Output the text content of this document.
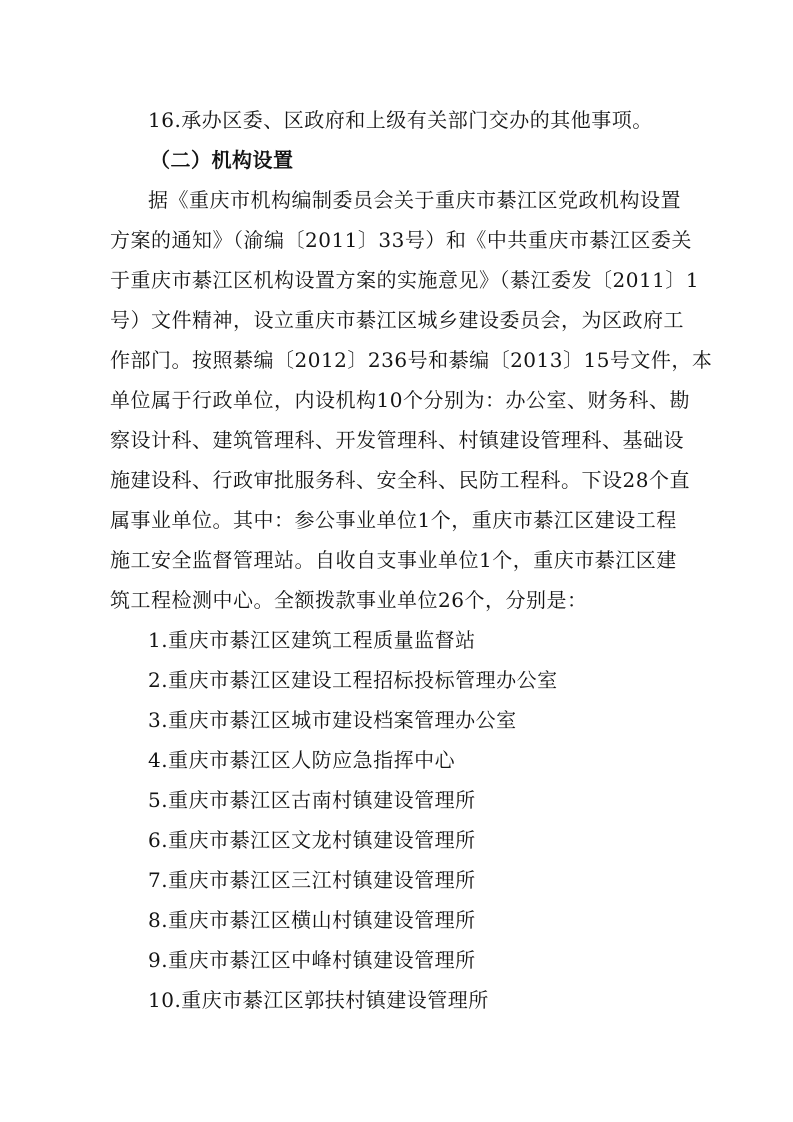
16.承办区委、区政府和上级有关部门交办的其他事项。
（二）机构设置
据《重庆市机构编制委员会关于重庆市綦江区党政机构设置
方案的通知》（渝编〔2011〕33号）和《中共重庆市綦江区委关
于重庆市綦江区机构设置方案的实施意见》（綦江委发〔2011〕1
号）文件精神，设立重庆市綦江区城乡建设委员会，为区政府工
作部门。按照綦编〔2012〕236号和綦编〔2013〕15号文件，本
单位属于行政单位，内设机构10个分别为：办公室、财务科、勘
察设计科、建筑管理科、开发管理科、村镇建设管理科、基础设
施建设科、行政审批服务科、安全科、民防工程科。下设28个直
属事业单位。其中：参公事业单位1个，重庆市綦江区建设工程
施工安全监督管理站。自收自支事业单位1个，重庆市綦江区建
筑工程检测中心。全额拨款事业单位26个，分别是：
1.重庆市綦江区建筑工程质量监督站
2.重庆市綦江区建设工程招标投标管理办公室
3.重庆市綦江区城市建设档案管理办公室
4.重庆市綦江区人防应急指挥中心
5.重庆市綦江区古南村镇建设管理所
6.重庆市綦江区文龙村镇建设管理所
7.重庆市綦江区三江村镇建设管理所
8.重庆市綦江区横山村镇建设管理所
9.重庆市綦江区中峰村镇建设管理所
10.重庆市綦江区郭扶村镇建设管理所
